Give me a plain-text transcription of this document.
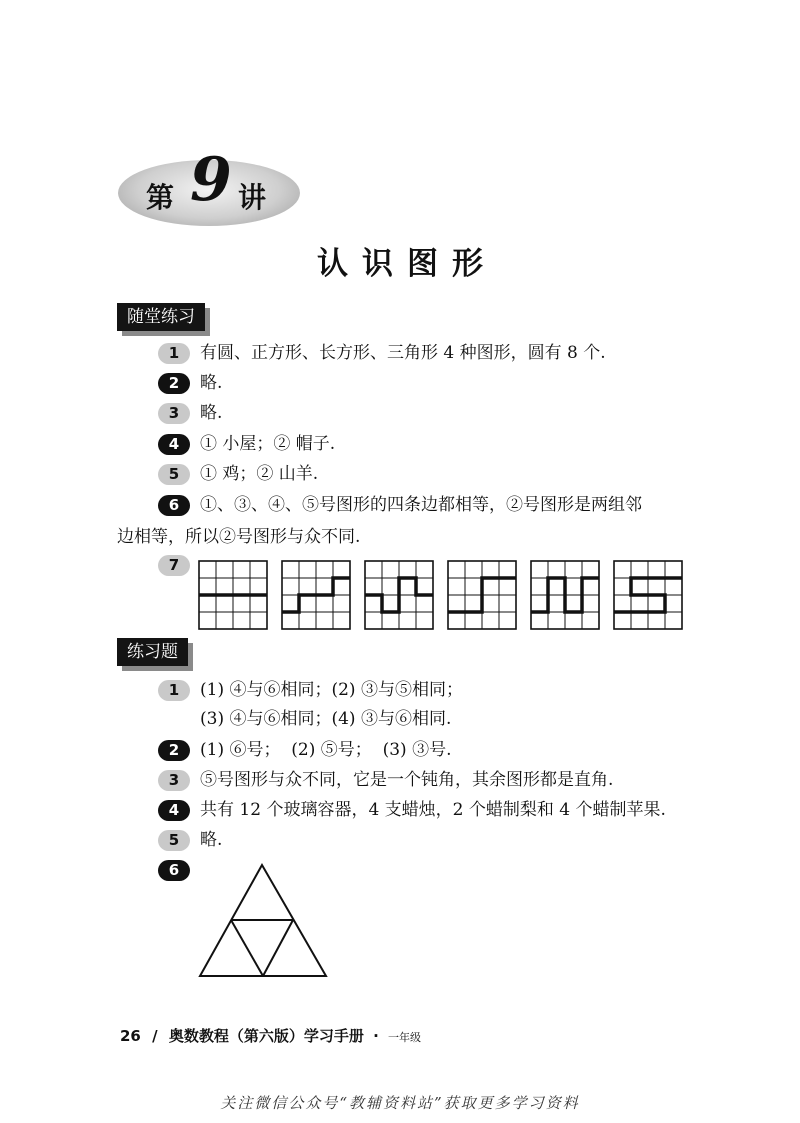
第 9 讲
认识图形
随堂练习
1	有圆、正方形、长方形、三角形 4 种图形，圆有 8 个.
2	略.
3	略.
4	① 小屋；② 帽子.
5	① 鸡；② 山羊.
6	①、③、④、⑤号图形的四条边都相等，②号图形是两组邻
边相等，所以②号图形与众不同.
7
练习题
1	(1) ④与⑥相同；(2) ③与⑤相同；
(3) ④与⑥相同；(4) ③与⑥相同.
2	(1) ⑥号；  (2) ⑤号；  (3) ③号.
3	⑤号图形与众不同，它是一个钝角，其余图形都是直角.
4	共有 12 个玻璃容器，4 支蜡烛，2 个蜡制梨和 4 个蜡制苹果.
5	略.
6
26 / 奥数教程（第六版）学习手册 · 一年级
关注微信公众号“教辅资料站”获取更多学习资料
